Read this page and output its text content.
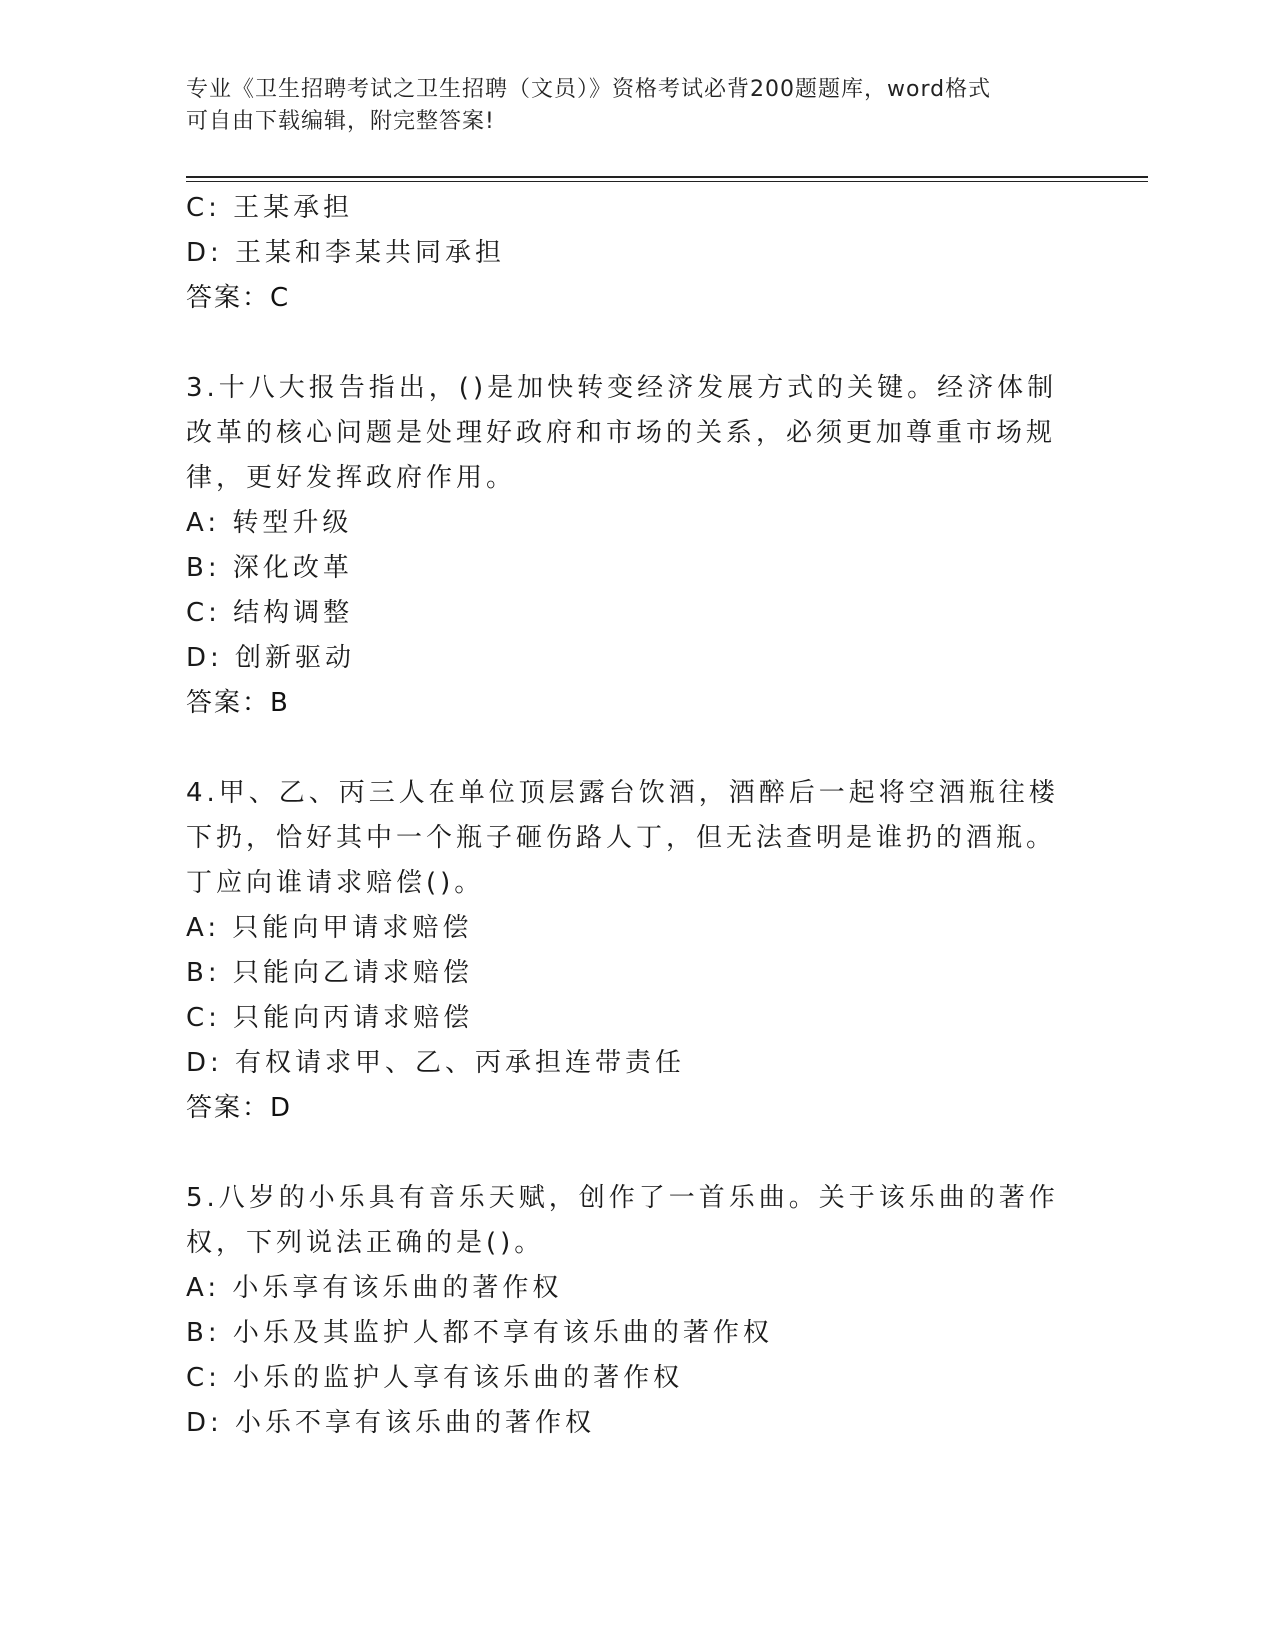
专业《卫生招聘考试之卫生招聘（文员）》资格考试必背200题题库，word格式
可自由下载编辑，附完整答案!
C: 王某承担
D: 王某和李某共同承担
答案：C
3.十八大报告指出，()是加快转变经济发展方式的关键。经济体制改革的核心问题是处理好政府和市场的关系，必须更加尊重市场规律，更好发挥政府作用。
A: 转型升级
B: 深化改革
C: 结构调整
D: 创新驱动
答案：B
4.甲、乙、丙三人在单位顶层露台饮酒，酒醉后一起将空酒瓶往楼下扔，恰好其中一个瓶子砸伤路人丁，但无法查明是谁扔的酒瓶。丁应向谁请求赔偿()。
A: 只能向甲请求赔偿
B: 只能向乙请求赔偿
C: 只能向丙请求赔偿
D: 有权请求甲、乙、丙承担连带责任
答案：D
5.八岁的小乐具有音乐天赋，创作了一首乐曲。关于该乐曲的著作权，下列说法正确的是()。
A: 小乐享有该乐曲的著作权
B: 小乐及其监护人都不享有该乐曲的著作权
C: 小乐的监护人享有该乐曲的著作权
D: 小乐不享有该乐曲的著作权
